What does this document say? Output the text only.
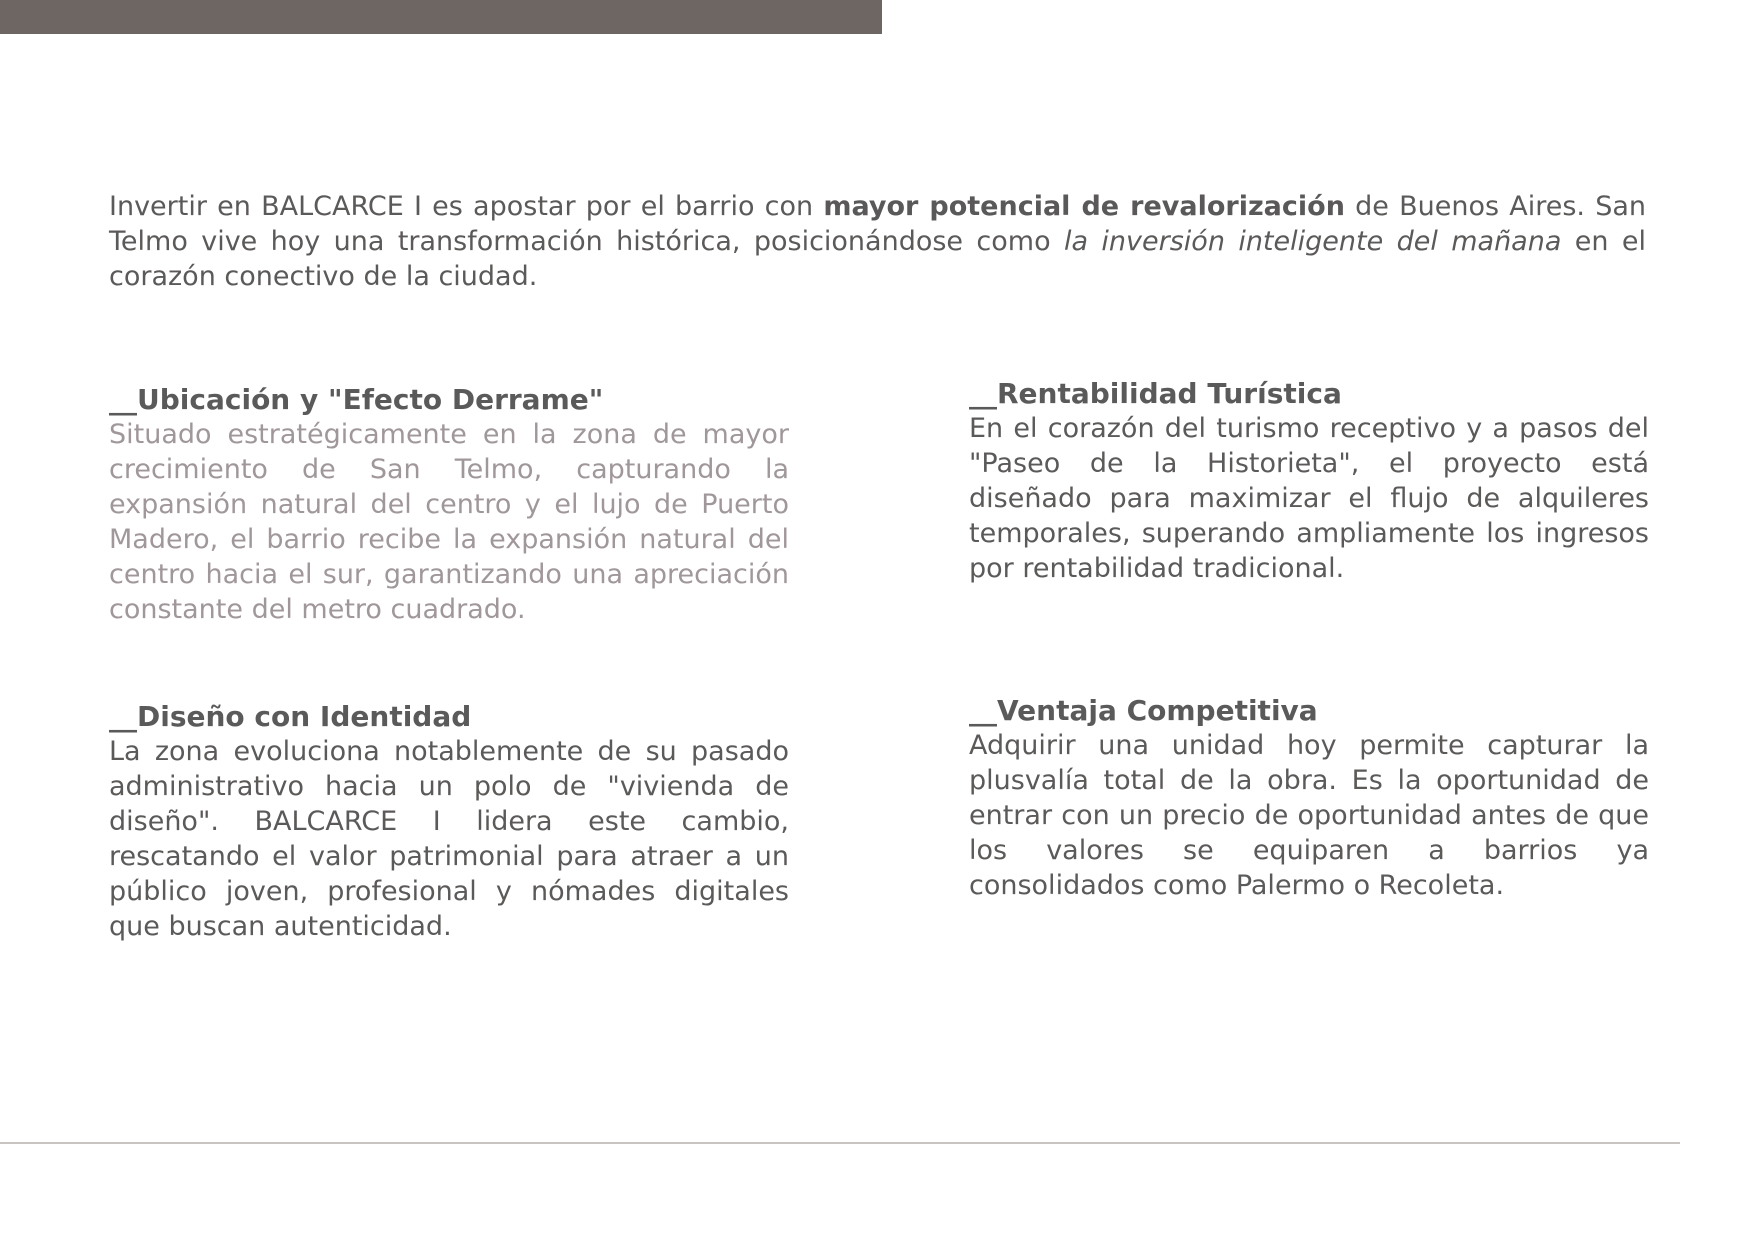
Invertir en BALCARCE I es apostar por el barrio con mayor potencial de revalorización de Buenos Aires. San Telmo vive hoy una transformación histórica, posicionándose como la inversión inteligente del mañana en el corazón conectivo de la ciudad.

__Ubicación y "Efecto Derrame"

Situado estratégicamente en la zona de mayor crecimiento de San Telmo, capturando la expansión natural del centro y el lujo de Puerto Madero, el barrio recibe la expansión natural del centro hacia el sur, garantizando una apreciación constante del metro cuadrado.

__Rentabilidad Turística

En el corazón del turismo receptivo y a pasos del "Paseo de la Historieta", el proyecto está diseñado para maximizar el flujo de alquileres temporales, superando ampliamente los ingresos por rentabilidad tradicional.

__Diseño con Identidad

La zona evoluciona notablemente de su pasado administrativo hacia un polo de "vivienda de diseño". BALCARCE I lidera este cambio, rescatando el valor patrimonial para atraer a un público joven, profesional y nómades digitales que buscan autenticidad.

__Ventaja Competitiva

Adquirir una unidad hoy permite capturar la plusvalía total de la obra. Es la oportunidad de entrar con un precio de oportunidad antes de que los valores se equiparen a barrios ya consolidados como Palermo o Recoleta.
